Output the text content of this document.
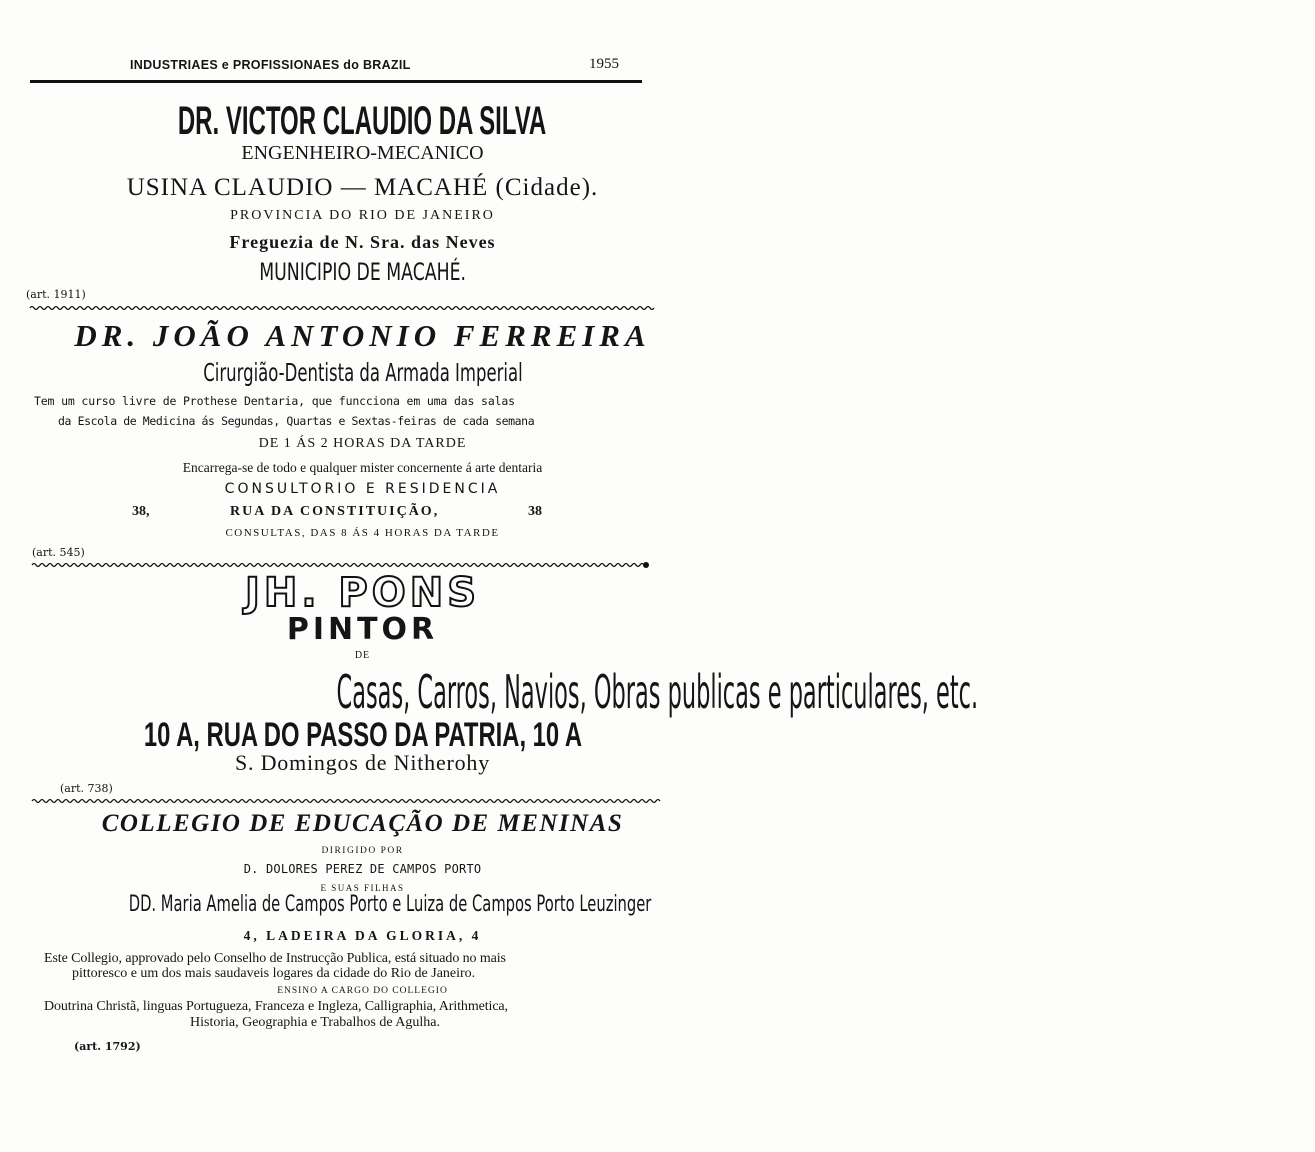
INDUSTRIAES e PROFISSIONAES do BRAZIL	1955
DR. VICTOR CLAUDIO DA SILVA
ENGENHEIRO-MECANICO
USINA CLAUDIO — MACAHÉ (Cidade).
PROVINCIA DO RIO DE JANEIRO
Freguezia de N. Sra. das Neves
MUNICIPIO DE MACAHÉ.
(art. 1911)
DR. JOÃO ANTONIO FERREIRA
Cirurgião-Dentista da Armada Imperial
Tem um curso livre de Prothese Dentaria, que funcciona em uma das salas
da Escola de Medicina ás Segundas, Quartas e Sextas-feiras de cada semana
DE 1 ÁS 2 HORAS DA TARDE
Encarrega-se de todo e qualquer mister concernente á arte dentaria
CONSULTORIO E RESIDENCIA
38,	RUA DA CONSTITUIÇÃO,	38
CONSULTAS, DAS 8 ÁS 4 HORAS DA TARDE
(art. 545)
JH. PONS
PINTOR
DE
Casas, Carros, Navios, Obras publicas e particulares, etc.
10 A, RUA DO PASSO DA PATRIA, 10 A
S. Domingos de Nitherohy
(art. 738)
COLLEGIO DE EDUCAÇÃO DE MENINAS
DIRIGIDO POR
D. DOLORES PEREZ DE CAMPOS PORTO
E SUAS FILHAS
DD. Maria Amelia de Campos Porto e Luiza de Campos Porto Leuzinger
4, LADEIRA DA GLORIA, 4
Este Collegio, approvado pelo Conselho de Instrucção Publica, está situado no mais
pittoresco e um dos mais saudaveis logares da cidade do Rio de Janeiro.
ENSINO A CARGO DO COLLEGIO
Doutrina Christã, linguas Portugueza, Franceza e Ingleza, Calligraphia, Arithmetica,
Historia, Geographia e Trabalhos de Agulha.
(art. 1792)
